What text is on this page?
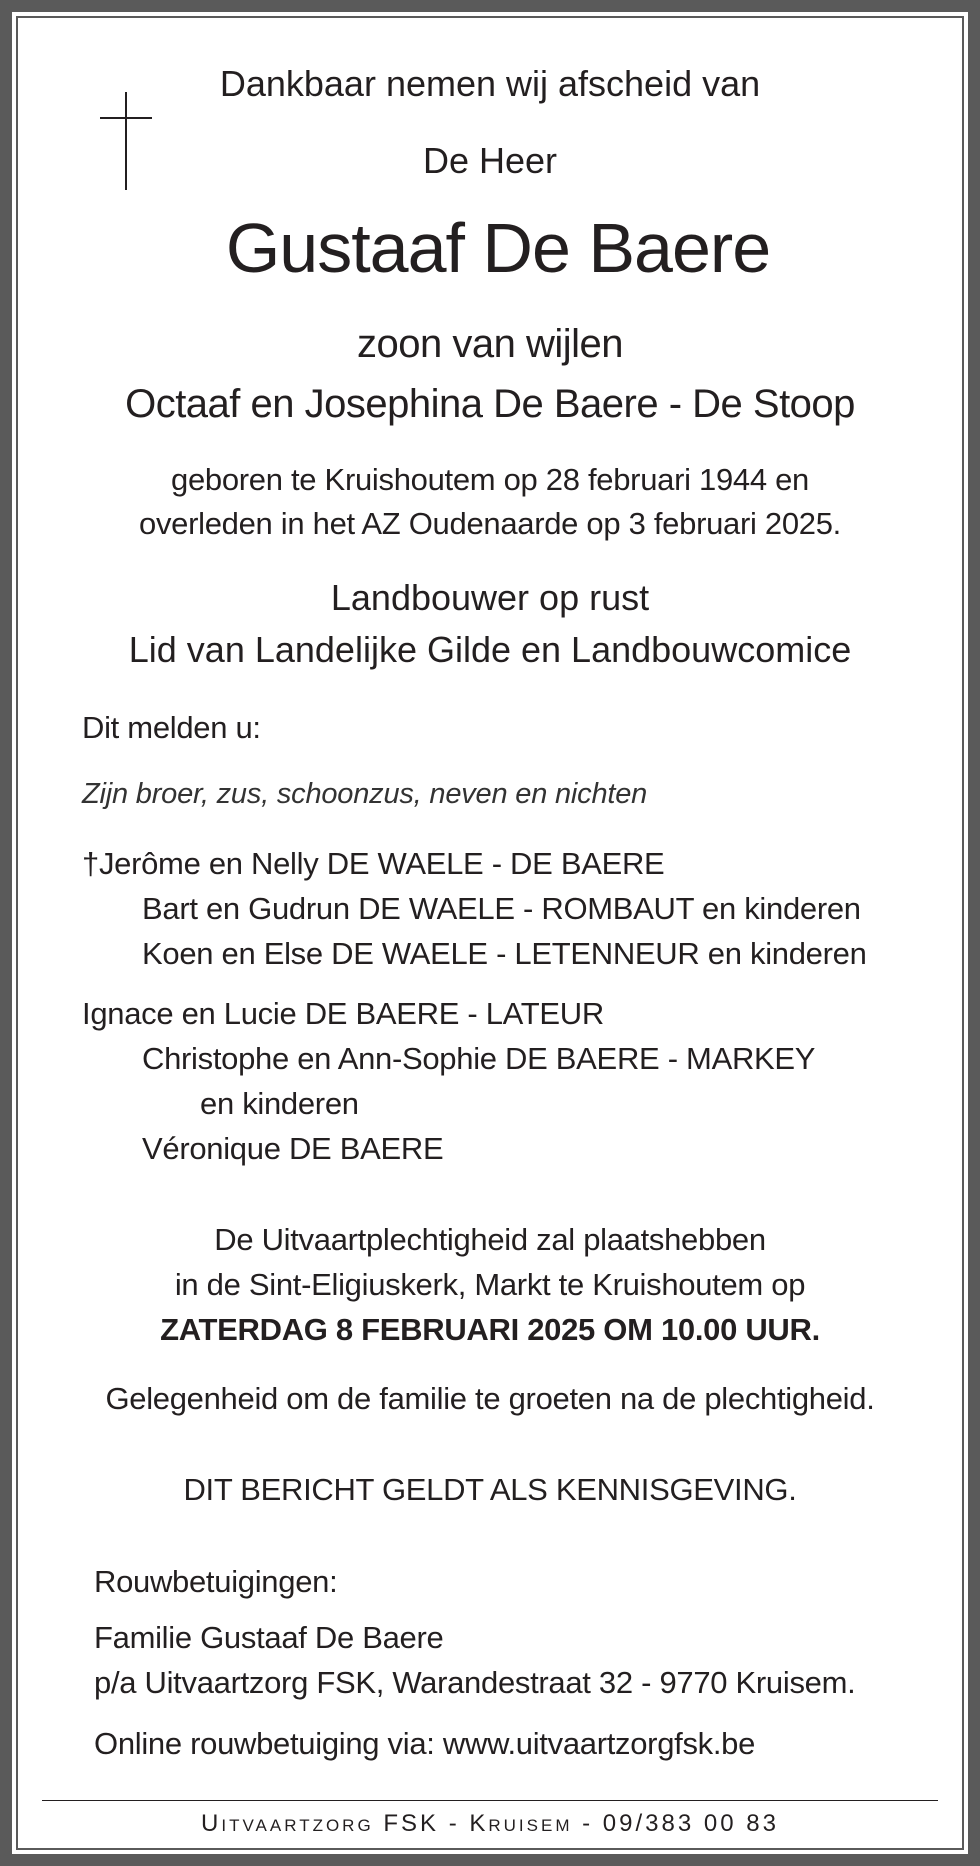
Dankbaar nemen wij afscheid van
De Heer
Gustaaf De Baere
zoon van wijlen
Octaaf en Josephina De Baere - De Stoop
geboren te Kruishoutem op 28 februari 1944 en
overleden in het AZ Oudenaarde op 3 februari 2025.
Landbouwer op rust
Lid van Landelijke Gilde en Landbouwcomice
Dit melden u:
Zijn broer, zus, schoonzus, neven en nichten
†Jerôme en Nelly DE WAELE - DE BAERE
Bart en Gudrun DE WAELE - ROMBAUT en kinderen
Koen en Else DE WAELE - LETENNEUR en kinderen
Ignace en Lucie DE BAERE - LATEUR
Christophe en Ann-Sophie DE BAERE - MARKEY
en kinderen
Véronique DE BAERE
De Uitvaartplechtigheid zal plaatshebben
in de Sint-Eligiuskerk, Markt te Kruishoutem op
ZATERDAG 8 FEBRUARI 2025 OM 10.00 UUR.
Gelegenheid om de familie te groeten na de plechtigheid.
DIT BERICHT GELDT ALS KENNISGEVING.
Rouwbetuigingen:
Familie Gustaaf De Baere
p/a Uitvaartzorg FSK, Warandestraat 32 - 9770 Kruisem.
Online rouwbetuiging via: www.uitvaartzorgfsk.be
Uitvaartzorg FSK - Kruisem - 09/383 00 83
